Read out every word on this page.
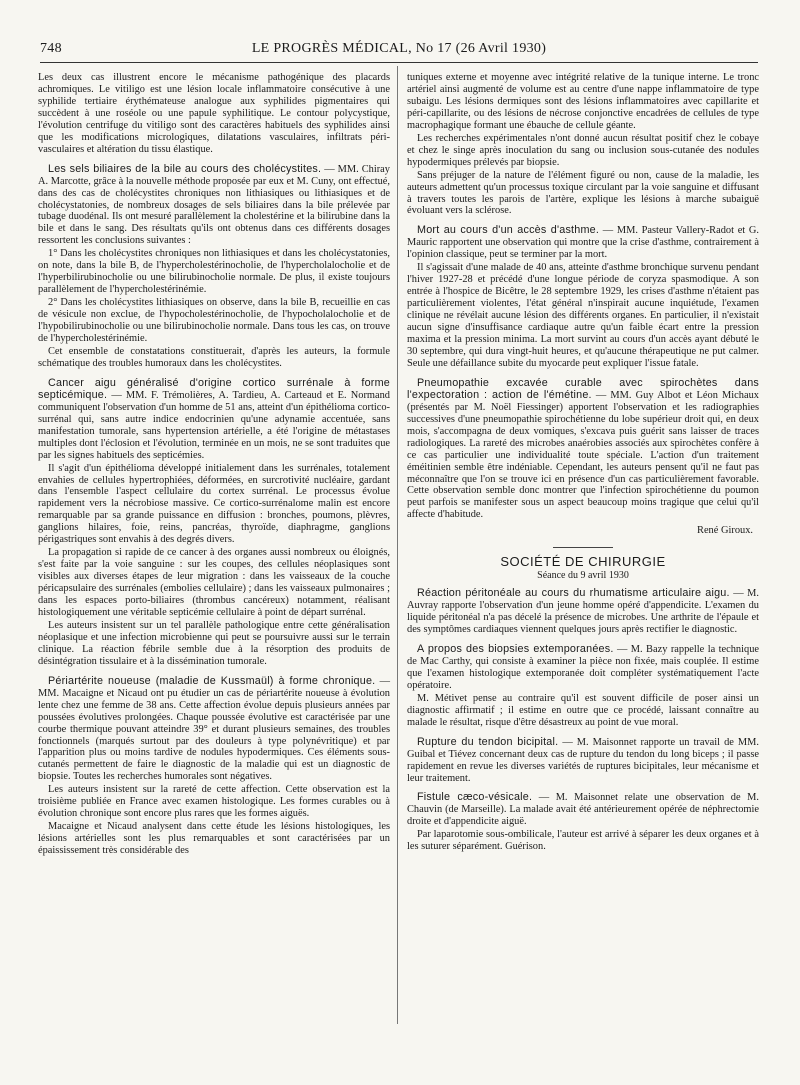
748	LE PROGRÈS MÉDICAL, No 17 (26 Avril 1930)

Les deux cas illustrent encore le mécanisme pathogénique des placards achromiques. Le vitiligo est une lésion locale inflammatoire consécutive à une syphilide tertiaire érythémateuse analogue aux syphilides pigmentaires qui succèdent à une roséole ou une papule syphilitique. Le contour polycystique, l'évolution centrifuge du vitiligo sont des caractères habituels des syphilides ainsi que les modifications micrologiques, dilatations vasculaires, infiltrats péri-vasculaires et altération du tissu élastique.

Les sels biliaires de la bile au cours des cholécystites. — MM. Chiray A. Marcotte, grâce à la nouvelle méthode proposée par eux et M. Cuny, ont effectué, dans des cas de cholécystites chroniques non lithiasiques ou lithiasiques et de cholécystatonies, de nombreux dosages de sels biliaires dans la bile prélevée par tubage duodénal. Ils ont mesuré parallèlement la cholestérine et la bilirubine dans la bile et dans le sang. Des résultats qu'ils ont obtenus dans ces différents dosages ressortent les conclusions suivantes :

1° Dans les cholécystites chroniques non lithiasiques et dans les cholécystatonies, on note, dans la bile B, de l'hypercholestérinocholie, de l'hypercholalocholie et de l'hyperbilirubinocholie ou une bilirubinocholie normale. De plus, il existe toujours parallèlement de l'hypercholestérinémie.

2° Dans les cholécystites lithiasiques on observe, dans la bile B, recueillie en cas de vésicule non exclue, de l'hypocholestérinocholie, de l'hypocholalocholie et de l'hypobilirubinocholie ou une bilirubinocholie normale. Dans tous les cas, on trouve de l'hypercholestérinémie.

Cet ensemble de constatations constituerait, d'après les auteurs, la formule schématique des troubles humoraux dans les cholécystites.

Cancer aigu généralisé d'origine cortico surrénale à forme septicémique. — MM. F. Trémolières, A. Tardieu, A. Carteaud et E. Normand communiquent l'observation d'un homme de 51 ans, atteint d'un épithélioma cortico-surrénal qui, sans autre indice endocrinien qu'une adynamie accentuée, sans manifestation tumorale, sans hypertension artérielle, a été l'origine de métastases multiples dont l'éclosion et l'évolution, terminée en un mois, ne se sont traduites que par les signes habituels des septicémies.

Il s'agit d'un épithélioma développé initialement dans les surrénales, totalement envahies de cellules hypertrophiées, déformées, en surcrotivité nucléaire, gardant dans l'ensemble l'aspect cellulaire du cortex surrénal. Le processus évolue rapidement vers la nécrobiose massive. Ce cortico-surrénalome malin est encore remarquable par sa grande puissance en diffusion : bronches, poumons, plèvres, ganglions hilaires, foie, reins, pancréas, thyroïde, diaphragme, ganglions périgastriques sont envahis à des degrés divers.

La propagation si rapide de ce cancer à des organes aussi nombreux ou éloignés, s'est faite par la voie sanguine : sur les coupes, des cellules néoplasiques sont visibles aux diverses étapes de leur migration : dans les vaisseaux de la couche péricapsulaire des surrénales (embolies cellulaire) ; dans les vaisseaux pulmonaires ; dans les espaces porto-biliaires (thrombus cancéreux) notamment, réalisant histologiquement une véritable septicémie cellulaire à point de départ surrénal.

Les auteurs insistent sur un tel parallèle pathologique entre cette généralisation néoplasique et une infection microbienne qui peut se poursuivre aussi sur le terrain clinique. La réaction fébrile semble due à la résorption des produits de désintégration tissulaire et à la dissémination tumorale.

Périartérite noueuse (maladie de Kussmaül) à forme chronique. — MM. Macaigne et Nicaud ont pu étudier un cas de périartérite noueuse à évolution lente chez une femme de 38 ans. Cette affection évolue depuis plusieurs années par poussées évolutives prolongées. Chaque poussée évolutive est caractérisée par une courbe thermique pouvant atteindre 39° et durant plusieurs semaines, des troubles fonctionnels (marqués surtout par des douleurs à type polynévritique) et par l'apparition plus ou moins tardive de nodules hypodermiques. Ces éléments sous-cutanés permettent de faire le diagnostic de la maladie qui est un diagnostic de biopsie. Toutes les recherches humorales sont négatives.

Les auteurs insistent sur la rareté de cette affection. Cette observation est la troisième publiée en France avec examen histologique. Les formes curables ou à évolution chronique sont encore plus rares que les formes aiguës.

Macaigne et Nicaud analysent dans cette étude les lésions histologiques, les lésions artérielles sont les plus remarquables et sont caractérisées par un épaississement très considérable des

tuniques externe et moyenne avec intégrité relative de la tunique interne. Le tronc artériel ainsi augmenté de volume est au centre d'une nappe inflammatoire de type subaigu. Les lésions dermiques sont des lésions inflammatoires avec capillarite et péri-capillarite, ou des lésions de nécrose conjonctive encadrées de cellules de type macrophagique formant une ébauche de cellule géante.

Les recherches expérimentales n'ont donné aucun résultat positif chez le cobaye et chez le singe après inoculation du sang ou inclusion sous-cutanée des nodules hypodermiques prélevés par biopsie.

Sans préjuger de la nature de l'élément figuré ou non, cause de la maladie, les auteurs admettent qu'un processus toxique circulant par la voie sanguine et diffusant à travers toutes les parois de l'artère, explique les lésions à marche subaiguë évoluant vers la sclérose.

Mort au cours d'un accès d'asthme. — MM. Pasteur Vallery-Radot et G. Mauric rapportent une observation qui montre que la crise d'asthme, contrairement à l'opinion classique, peut se terminer par la mort.

Il s'agissait d'une malade de 40 ans, atteinte d'asthme bronchique survenu pendant l'hiver 1927-28 et précédé d'une longue période de coryza spasmodique. A son entrée à l'hospice de Bicêtre, le 28 septembre 1929, les crises d'asthme n'étaient pas particulièrement violentes, l'état général n'inspirait aucune inquiétude, l'examen clinique ne révélait aucune lésion des différents organes. En particulier, il n'existait aucun signe d'insuffisance cardiaque autre qu'un faible écart entre la pression maxima et la pression minima. La mort survint au cours d'un accès ayant débuté le 30 septembre, qui dura vingt-huit heures, et qu'aucune thérapeutique ne put calmer. Seule une défaillance subite du myocarde peut expliquer l'issue fatale.

Pneumopathie excavée curable avec spirochètes dans l'expectoration : action de l'émétine. — MM. Guy Albot et Léon Michaux (présentés par M. Noël Fiessinger) apportent l'observation et les radiographies successives d'une pneumopathie spirochétienne du lobe supérieur droit qui, en deux mois, s'accompagna de deux vomiques, s'excava puis guérit sans laisser de traces radiologiques. La rareté des microbes anaérobies associés aux spirochètes confère à ce cas particulier une individualité toute spéciale. L'action d'un traitement éméitinien semble être indéniable. Cependant, les auteurs pensent qu'il ne faut pas méconnaître que l'on se trouve ici en présence d'un cas particulièrement favorable. Cette observation semble donc montrer que l'infection spirochétienne du poumon peut parfois se manifester sous un aspect beaucoup moins tragique que celui qu'il affecte d'habitude.

René Giroux.

SOCIÉTÉ DE CHIRURGIE
Séance du 9 avril 1930

Réaction péritonéale au cours du rhumatisme articulaire aigu. — M. Auvray rapporte l'observation d'un jeune homme opéré d'appendicite. L'examen du liquide péritonéal n'a pas décelé la présence de microbes. Une arthrite de l'épaule et des symptômes cardiaques viennent quelques jours après rectifier le diagnostic.

A propos des biopsies extemporanées. — M. Bazy rappelle la technique de Mac Carthy, qui consiste à examiner la pièce non fixée, mais couplée. Il estime que l'examen histologique extemporanée doit compléter systématiquement l'acte opératoire.

M. Métivet pense au contraire qu'il est souvent difficile de poser ainsi un diagnostic affirmatif ; il estime en outre que ce procédé, laissant connaître au malade le résultat, risque d'être désastreux au point de vue moral.

Rupture du tendon bicipital. — M. Maisonnet rapporte un travail de MM. Guibal et Tiévez concernant deux cas de rupture du tendon du long biceps ; il passe rapidement en revue les diverses variétés de ruptures bicipitales, leur mécanisme et leur traitement.

Fistule cæco-vésicale. — M. Maisonnet relate une observation de M. Chauvin (de Marseille). La malade avait été antérieurement opérée de néphrectomie droite et d'appendicite aiguë.

Par laparotomie sous-ombilicale, l'auteur est arrivé à séparer les deux organes et à les suturer séparément. Guérison.
